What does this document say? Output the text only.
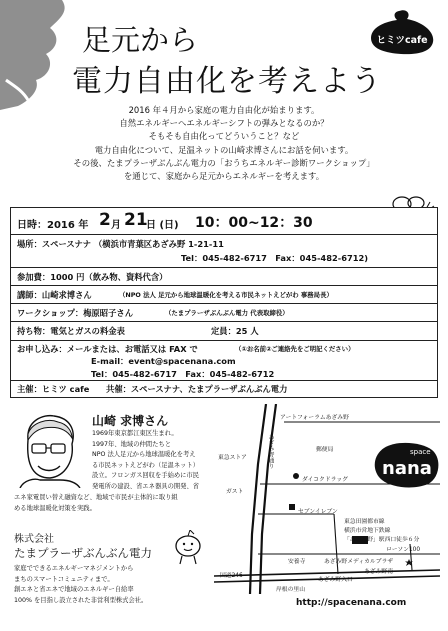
足元から
電力自由化を考えよう
ヒミツcafe

2016 年４月から家庭の電力自由化が始まります。

自然エネルギーへエネルギーシフトの弾みとなるのか？

そもそも自由化ってどういうこと？など

電力自由化について、足温ネットの山崎求博さんにお話を伺います。

その後、たまプラーザぶんぶん電力の「おうちエネルギー診断ワークショップ」

を通じて、家庭から足元からエネルギーを考えます。

日時：2016 年 2 月 21
日 (日) 10：00~12：30
場所：スペースナナ （横浜市青葉区あざみ野 1-21-11
Tel：045-482-6717　Fax：045-482-6712)
参加費：1000 円（飲み物、資料代含）
講師：山崎求博さん	（NPO 法人 足元から地球温暖化を考える市民ネットえどがわ 事務局長）
ワークショップ：梅原昭子さん	（たまプラーザぶんぶん電力 代表取締役）
持ち物：電気とガスの料金表	定員：25 人
お申し込み：メールまたは、お電話又は FAX で	（①お名前②ご連絡先をご明記ください）
E-mail：event@spacenana.com
Tel：045-482-6717　Fax：045-482-6712
主催：ヒミツ cafe　　共催：スペースナナ、たまプラーザぶんぶん電力
山崎 求博さん
1969年東京都江東区生まれ。
1997年、地域の仲間たちと
NPO 法人足元から地球温暖化を考え
る市民ネットえどがわ（足温ネット）
設立。フロンガス回収を手始めに市民
発電所の建設、省エネ器具の開発、省
エネ家電買い替え融資など、地域で市民が主体的に取り組
める地球温暖化対策を実践。
株式会社
たまプラーザぶんぶん電力
家庭でできるエネルギーマネジメントから
まちのスマートコミュニティまで。
創エネと省エネで地域のエネルギー自給率
100% を目指し設立された非営利型株式会社。
アートフォーラムあざみ野
東急ストア	あざみ野通り
ガスト
ダイコクドラッグ
セブンイレブン
東急田園都市線
横浜市営地下鉄線
「あざみ野」駅西口徒歩６分
安養寺	あざみ野メディカルプラザ
ローソン100
国道246
あざみ野入口
あざみ野南
岸根の里山
郵便局	space
nana
http://spacenana.com
